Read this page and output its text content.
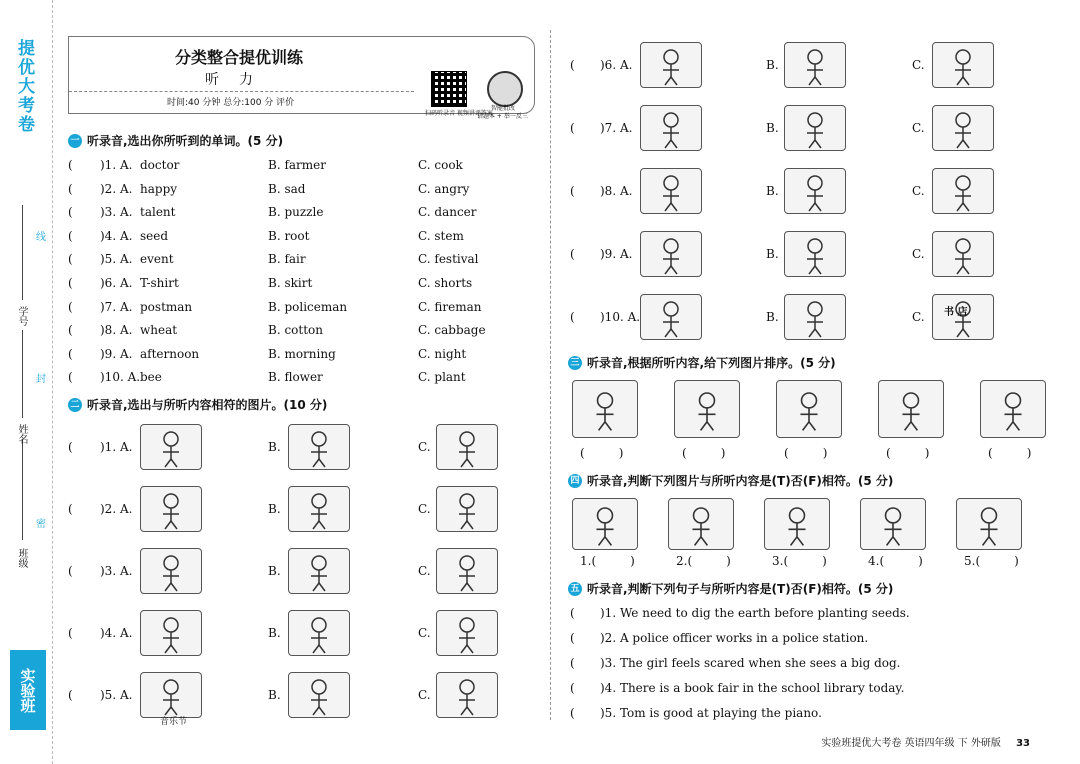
提优大考卷
实验班
班级
姓名
学号
密
封
线
分类整合提优训练
听力
时间:40 分钟 总分:100 分 评价
扫码听录音 视频讲评答案
智能批改
错题本 + 举一反三
一 听录音,选出你所听到的单词。(5 分)
( )1. A. doctor	B. farmer	C. cook
( )2. A. happy	B. sad	C. angry
( )3. A. talent	B. puzzle	C. dancer
( )4. A. seed	B. root	C. stem
( )5. A. event	B. fair	C. festival
( )6. A. T-shirt	B. skirt	C. shorts
( )7. A. postman	B. policeman	C. fireman
( )8. A. wheat	B. cotton	C. cabbage
( )9. A. afternoon	B. morning	C. night
( )10. A. bee	B. flower	C. plant
二 听录音,选出与所听内容相符的图片。(10 分)
( )1. A.	B.	C.
( )2. A.	B.	C.
( )3. A.	B.	C.
( )4. A.	B.	C.
( )5. A.	B.	C.
音乐节
( )6. A.	B.	C.
( )7. A.	B.	C.
( )8. A.	B.	C.
( )9. A.	B.	C.
( )10. A.	B.	C. 书 店
三 听录音,根据所听内容,给下列图片排序。(5 分)
(	)	(	)	(	)	(	)	(	)
四 听录音,判断下列图片与所听内容是(T)否(F)相符。(5 分)
1.(	)	2.(	)	3.(	)	4.(	)	5.(	)
五 听录音,判断下列句子与所听内容是(T)否(F)相符。(5 分)
( )1. We need to dig the earth before planting seeds.
( )2. A police officer works in a police station.
( )3. The girl feels scared when she sees a big dog.
( )4. There is a book fair in the school library today.
( )5. Tom is good at playing the piano.
实验班提优大考卷 英语四年级 下 外研版 33
